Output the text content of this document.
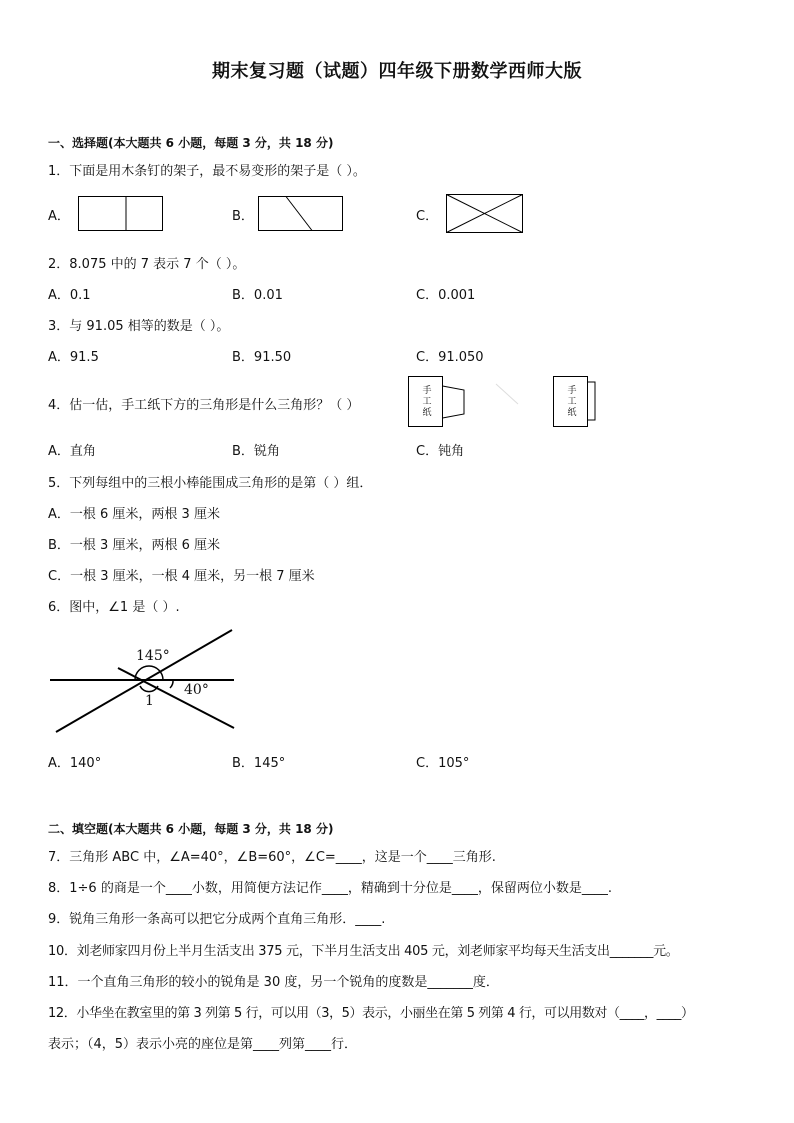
期末复习题（试题）四年级下册数学西师大版
一、选择题(本大题共 6 小题，每题 3 分，共 18 分)
1．下面是用木条钉的架子，最不易变形的架子是（ ）。
A．	B．	C．
2．8.075 中的 7 表示 7 个（ ）。
A．0.1	B．0.01	C．0.001
3．与 91.05 相等的数是（ ）。
A．91.5	B．91.50	C．91.050
4．估一估，手工纸下方的三角形是什么三角形？（ ）
手
工
纸
手
工
纸
A．直角	B．锐角	C．钝角
5．下列每组中的三根小棒能围成三角形的是第（ ）组．
A．一根 6 厘米，两根 3 厘米
B．一根 3 厘米，两根 6 厘米
C．一根 3 厘米，一根 4 厘米，另一根 7 厘米
6．图中，∠1 是（ ）.
145°
40°
1
A．140°	B．145°	C．105°
二、填空题(本大题共 6 小题，每题 3 分，共 18 分)
7．三角形 ABC 中，∠A=40°，∠B=60°，∠C=____，这是一个____三角形.
8．1÷6 的商是一个____小数，用简便方法记作____，精确到十分位是____，保留两位小数是____.
9．锐角三角形一条高可以把它分成两个直角三角形．____.
10．刘老师家四月份上半月生活支出 375 元，下半月生活支出 405 元，刘老师家平均每天生活支出_______元。
11．一个直角三角形的较小的锐角是 30 度，另一个锐角的度数是_______度．
12．小华坐在教室里的第 3 列第 5 行，可以用（3，5）表示，小丽坐在第 5 列第 4 行，可以用数对（____，____）
表示；（4，5）表示小亮的座位是第____列第____行．
